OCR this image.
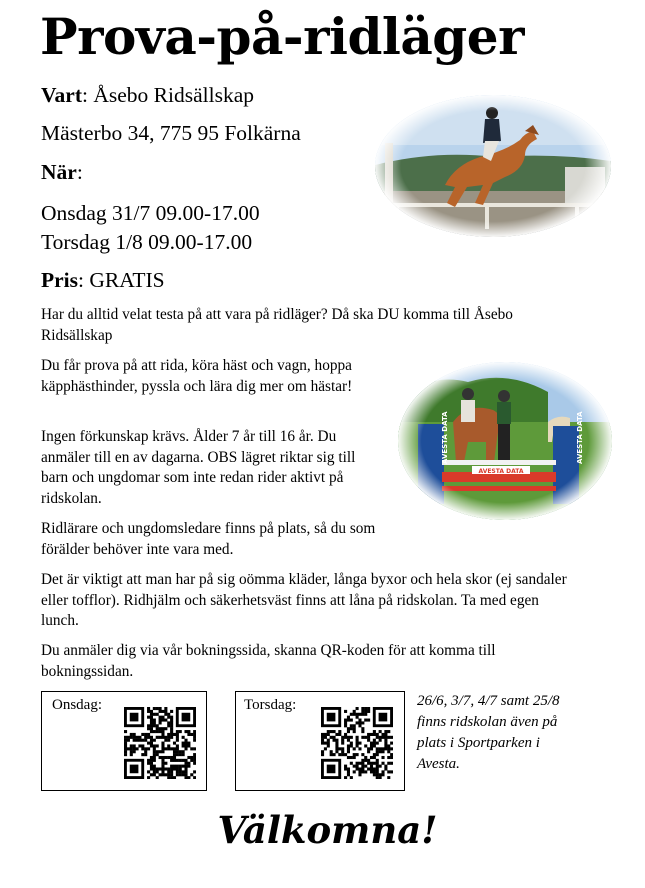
Prova-på-ridläger
Vart: Åsebo Ridsällskap
Mästerbo 34, 775 95 Folkärna
När:
Onsdag 31/7 09.00-17.00
Torsdag 1/8 09.00-17.00
Pris: GRATIS
Har du alltid velat testa på att vara på ridläger? Då ska DU komma till Åsebo Ridsällskap
Du får prova på att rida, köra häst och vagn, hoppa käpphästhinder, pyssla och lära dig mer om hästar!
Ingen förkunskap krävs. Ålder 7 år till 16 år. Du anmäler till en av dagarna. OBS lägret riktar sig till barn och ungdomar som inte redan rider aktivt på ridskolan.
Ridlärare och ungdomsledare finns på plats, så du som förälder behöver inte vara med.
Det är viktigt att man har på sig oömma kläder, långa byxor och hela skor (ej sandaler eller tofflor). Ridhjälm och säkerhetsväst finns att låna på ridskolan. Ta med egen lunch.
Du anmäler dig via vår bokningssida, skanna QR-koden för att komma till bokningssidan.
Onsdag:	Torsdag:	26/6, 3/7, 4/7 samt 25/8 finns ridskolan även på plats i Sportparken i Avesta.
Välkomna!
